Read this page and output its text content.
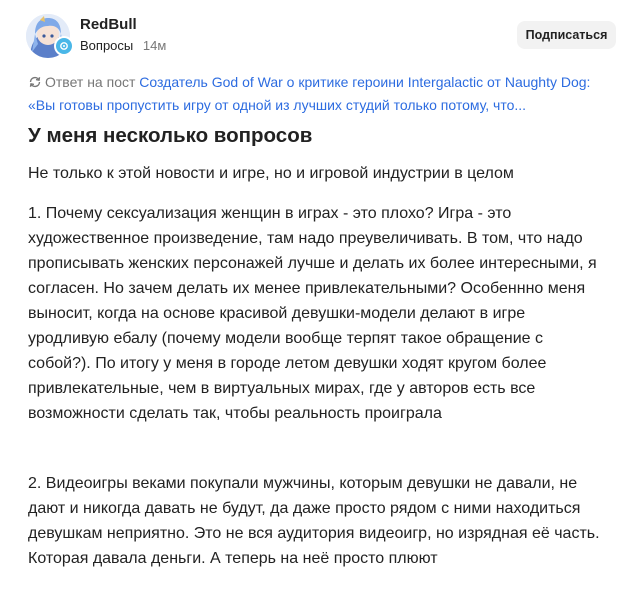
RedBull
Вопросы 14м
Подписаться
Ответ на пост Создатель God of War о критике героини Intergalactic от Naughty Dog: «Вы готовы пропустить игру от одной из лучших студий только потому, что...
У меня несколько вопросов

Не только к этой новости и игре, но и игровой индустрии в целом

1. Почему сексуализация женщин в играх - это плохо? Игра - это художественное произведение, там надо преувеличивать. В том, что надо прописывать женских персонажей лучше и делать их более интересными, я согласен. Но зачем делать их менее привлекательными? Особеннно меня выносит, когда на основе красивой девушки-модели делают в игре уродливую ебалу (почему модели вообще терпят такое обращение с собой?). По итогу у меня в городе летом девушки ходят кругом более привлекательные, чем в виртуальных мирах, где у авторов есть все возможности сделать так, чтобы реальность проиграла

2. Видеоигры веками покупали мужчины, которым девушки не давали, не дают и никогда давать не будут, да даже просто рядом с ними находиться девушкам неприятно. Это не вся аудитория видеоигр, но изрядная её часть. Которая давала деньги. А теперь на неё просто плюют
